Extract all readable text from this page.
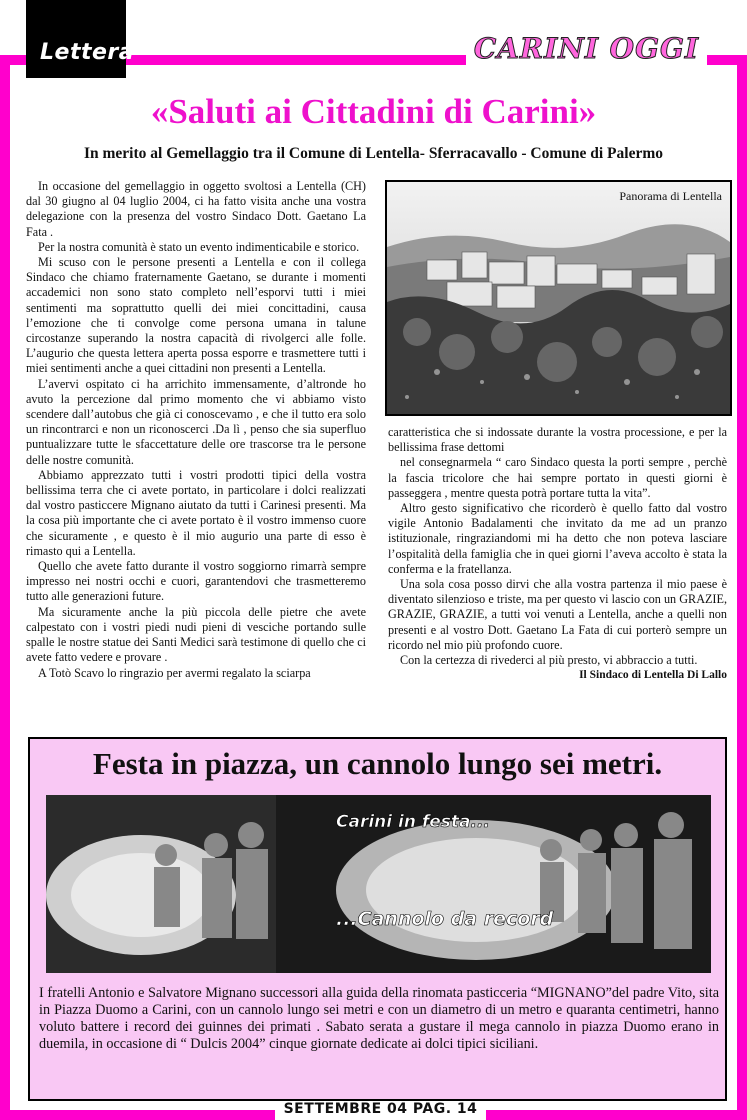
Lettera	CARINI OGGI
«Saluti ai Cittadini di Carini»
In merito al Gemellaggio tra il Comune di Lentella- Sferracavallo - Comune di Palermo

In occasione del gemellaggio in oggetto svoltosi a Lentella (CH) dal 30 giugno al 04 luglio 2004, ci ha fatto visita anche una vostra delegazione con la presenza del vostro Sindaco Dott. Gaetano La Fata .

Per la nostra comunità è stato un evento indimenticabile e storico.

Mi scuso con le persone presenti a Lentella e con il collega Sindaco che chiamo fraternamente Gaetano, se durante i momenti accademici non sono stato completo nell’esporvi tutti i miei sentimenti ma soprattutto quelli dei miei concittadini, causa l’emozione che ti convolge come persona umana in talune circostanze superando la nostra capacità di rivolgerci alle folle. L’augurio che questa lettera aperta possa esporre e trasmettere tutti i miei sentimenti anche a quei cittadini non presenti a Lentella.

L’avervi ospitato ci ha arrichito immensamente, d’altronde ho avuto la percezione dal primo momento che vi abbiamo visto scendere dall’autobus che già ci conoscevamo , e che il tutto era solo un rincontrarci e non un riconoscerci .Da lì , penso che sia superfluo puntualizzare tutte le sfaccettature delle ore trascorse tra le persone delle nostre comunità.

Abbiamo apprezzato tutti i vostri prodotti tipici della vostra bellissima terra che ci avete portato, in particolare i dolci realizzati dal vostro pasticcere Mignano aiutato da tutti i Carinesi presenti. Ma la cosa più importante che ci avete portato è il vostro immenso cuore che sicuramente , e questo è il mio augurio una parte di esso è rimasto qui a Lentella.

Quello che avete fatto durante il vostro soggiorno rimarrà sempre impresso nei nostri occhi e cuori, garantendovi che trasmetteremo tutto alle generazioni future.

Ma sicuramente anche la più piccola delle pietre che avete calpestato con i vostri piedi nudi pieni di vesciche portando sulle spalle le nostre statue dei Santi Medici sarà testimone di quello che ci avete fatto vedere e provare .

A Totò Scavo lo ringrazio per avermi regalato la sciarpa

Panorama di Lentella

caratteristica che si indossate durante la vostra processione, e per la bellissima frase dettomi

nel consegnarmela “ caro Sindaco questa la porti sempre , perchè la fascia tricolore che hai sempre portato in questi giorni è passeggera , mentre questa potrà portare tutta la vita”.

Altro gesto significativo che ricorderò è quello fatto dal vostro vigile Antonio Badalamenti che invitato da me ad un pranzo istituzionale, ringraziandomi mi ha detto che non poteva lasciare l’ospitalità della famiglia che in quei giorni l’aveva accolto è stata la conferma e la fratellanza.

Una sola cosa posso dirvi che alla vostra partenza il mio paese è diventato silenzioso e triste, ma per questo vi lascio con un GRAZIE, GRAZIE, GRAZIE, a tutti voi venuti a Lentella, anche a quelli non presenti e al vostro Dott. Gaetano La Fata di cui porterò sempre un ricordo nel mio più profondo cuore.

Con la certezza di rivederci al più presto, vi abbraccio a tutti.

Il Sindaco di Lentella Di Lallo

Festa in piazza, un cannolo lungo sei metri.
Carini in festa...
...Cannolo da record
I fratelli Antonio e Salvatore Mignano successori alla guida della rinomata pasticceria “MIGNANO”del padre Vito, sita in Piazza Duomo a Carini, con un cannolo lungo sei metri e con un diametro di un metro e quaranta centimetri, hanno voluto battere i record dei guinnes dei primati . Sabato serata a gustare il mega cannolo in piazza Duomo erano in duemila, in occasione di “ Dulcis 2004” cinque giornate dedicate ai dolci tipici siciliani.
SETTEMBRE 04 PAG. 14
